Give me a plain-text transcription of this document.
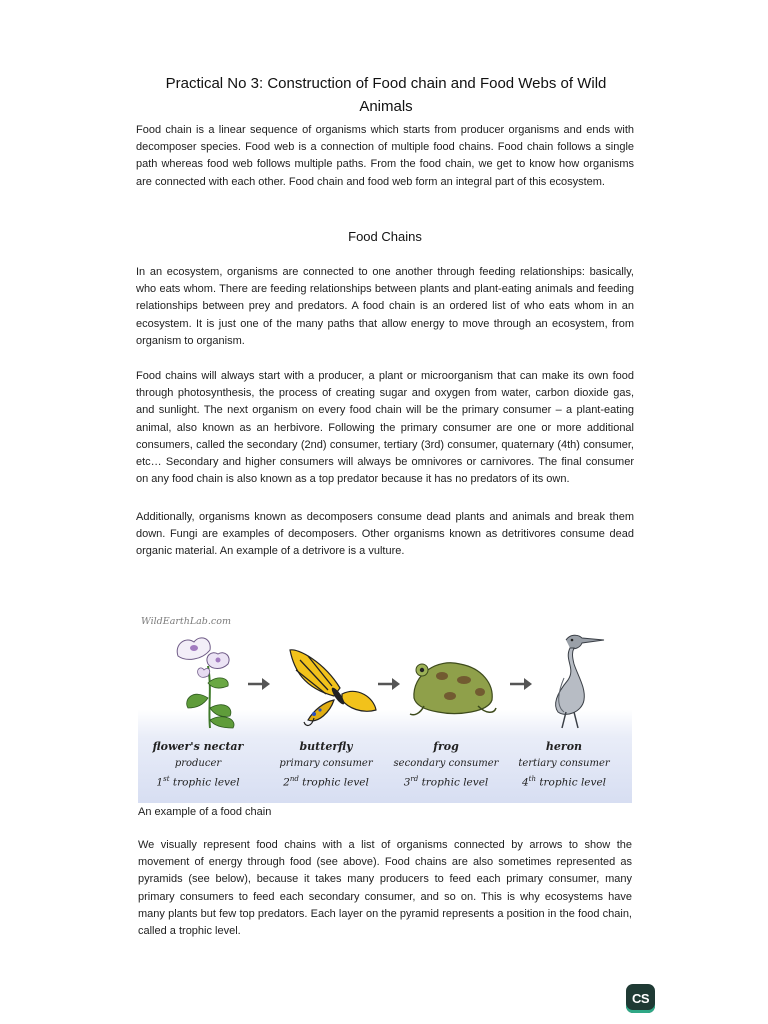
Practical No 3: Construction of Food chain and Food Webs of Wild
Animals
Food chain is a linear sequence of organisms which starts from producer organisms and ends with decomposer species. Food web is a connection of multiple food chains. Food chain follows a single path whereas food web follows multiple paths. From the food chain, we get to know how organisms are connected with each other. Food chain and food web form an integral part of this ecosystem.
Food Chains
In an ecosystem, organisms are connected to one another through feeding relationships: basically, who eats whom. There are feeding relationships between plants and plant-eating animals and feeding relationships between prey and predators. A food chain is an ordered list of who eats whom in an ecosystem. It is just one of the many paths that allow energy to move through an ecosystem, from organism to organism.
Food chains will always start with a producer, a plant or microorganism that can make its own food through photosynthesis, the process of creating sugar and oxygen from water, carbon dioxide gas, and sunlight. The next organism on every food chain will be the primary consumer – a plant-eating animal, also known as an herbivore. Following the primary consumer are one or more additional consumers, called the secondary (2nd) consumer, tertiary (3rd) consumer, quaternary (4th) consumer, etc… Secondary and higher consumers will always be omnivores or carnivores. The final consumer on any food chain is also known as a top predator because it has no predators of its own.
Additionally, organisms known as decomposers consume dead plants and animals and break them down. Fungi are examples of decomposers. Other organisms known as detritivores consume dead organic material. An example of a detrivore is a vulture.
WildEarthLab.com
flower's nectar
producer
1st trophic level
butterfly
primary consumer
2nd trophic level
frog
secondary consumer
3rd trophic level
heron
tertiary consumer
4th trophic level
An example of a food chain
We visually represent food chains with a list of organisms connected by arrows to show the movement of energy through food (see above). Food chains are also sometimes represented as pyramids (see below), because it takes many producers to feed each primary consumer, many primary consumers to feed each secondary consumer, and so on. This is why ecosystems have many plants but few top predators. Each layer on the pyramid represents a position in the food chain, called a trophic level.
CS
